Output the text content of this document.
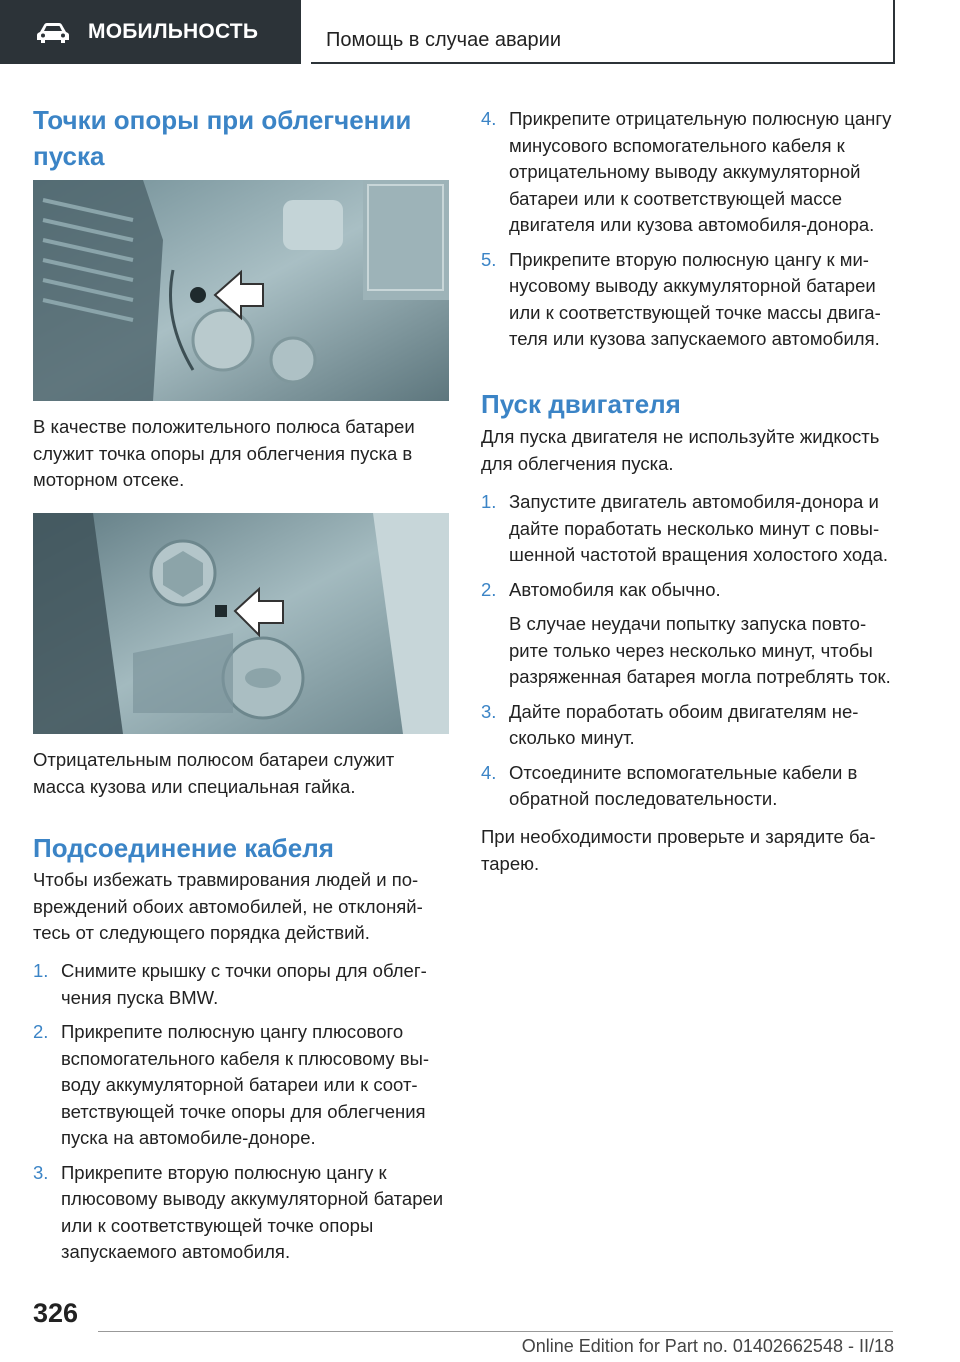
МОБИЛЬНОСТЬ	Помощь в случае аварии
Точки опоры при облегчении пуска

В качестве положительного полюса батареи служит точка опоры для облегчения пуска в моторном отсеке.

Отрицательным полюсом батареи служит масса кузова или специальная гайка.

Подсоединение кабеля

Чтобы избежать травмирования людей и повреждений обоих автомобилей, не отклоняйтесь от следующего порядка действий.

1. Снимите крышку с точки опоры для облегчения пуска BMW.
2. Прикрепите полюсную цангу плюсового вспомогательного кабеля к плюсовому выводу аккумуляторной батареи или к соответствующей точке опоры для облегчения пуска на автомобиле-доноре.
3. Прикрепите вторую полюсную цангу к плюсовому выводу аккумуляторной батареи или к соответствующей точке опоры запускаемого автомобиля.
4. Прикрепите отрицательную полюсную цангу минусового вспомогательного кабеля к отрицательному выводу аккумуляторной батареи или к соответствующей массе двигателя или кузова автомобиля-донора.
5. Прикрепите вторую полюсную цангу к минусовому выводу аккумуляторной батареи или к соответствующей точке массы двигателя или кузова запускаемого автомобиля.
Пуск двигателя

Для пуска двигателя не используйте жидкость для облегчения пуска.

1. Запустите двигатель автомобиля-донора и дайте поработать несколько минут с повышенной частотой вращения холостого хода.
2. Автомобиля как обычно.
В случае неудачи попытку запуска повторите только через несколько минут, чтобы разряженная батарея могла потреблять ток.
3. Дайте поработать обоим двигателям несколько минут.
4. Отсоедините вспомогательные кабели в обратной последовательности.

При необходимости проверьте и зарядите батарею.

326
Online Edition for Part no. 01402662548 - II/18
